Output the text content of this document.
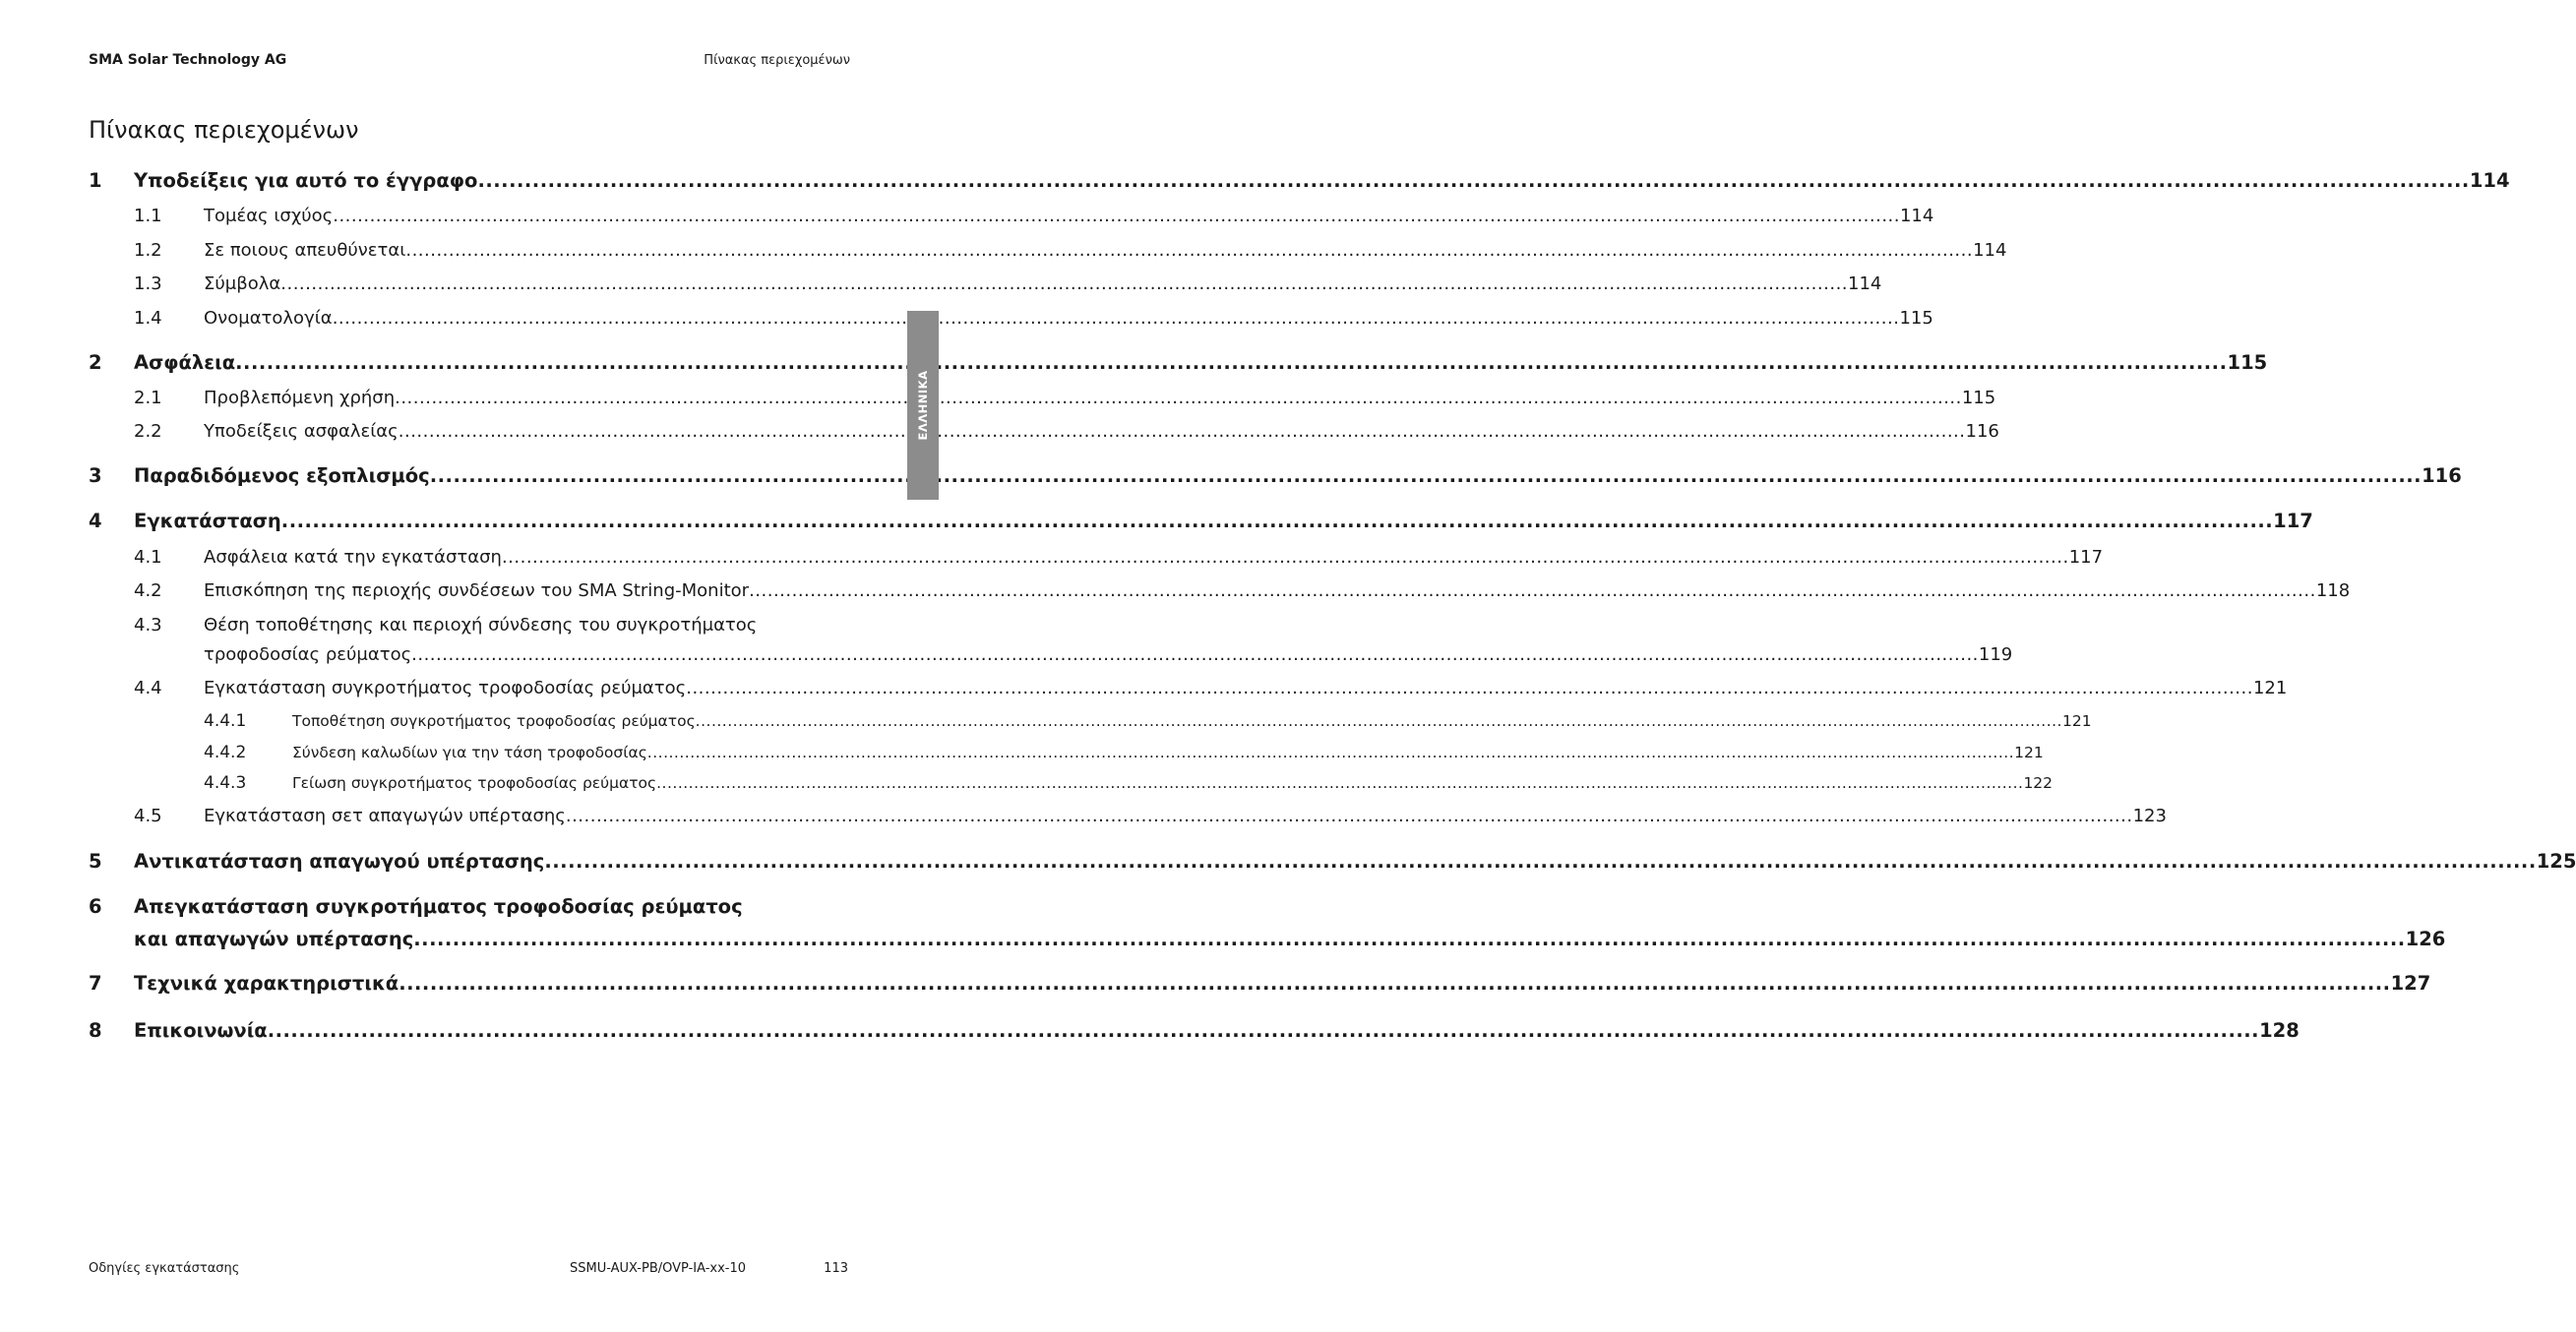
SMA Solar Technology AG	Πίνακας περιεχομένων
Πίνακας περιεχομένων
1	Υποδείξεις για αυτό το έγγραφο .....	114
1.1	Τομέας ισχύος .....	114
1.2	Σε ποιους απευθύνεται .....	114
1.3	Σύμβολα .....	114
1.4	Ονοματολογία .....	115
2	Ασφάλεια .....	115
2.1	Προβλεπόμενη χρήση .....	115
2.2	Υποδείξεις ασφαλείας .....	116
3	Παραδιδόμενος εξοπλισμός .....	116
4	Εγκατάσταση .....	117
4.1	Ασφάλεια κατά την εγκατάσταση .....	117
4.2	Επισκόπηση της περιοχής συνδέσεων του SMA String-Monitor .....	118
4.3	Θέση τοποθέτησης και περιοχή σύνδεσης του συγκροτήματος
τροφοδοσίας ρεύματος .....	119
4.4	Εγκατάσταση συγκροτήματος τροφοδοσίας ρεύματος .....	121
4.4.1	Τοποθέτηση συγκροτήματος τροφοδοσίας ρεύματος .....	121
4.4.2	Σύνδεση καλωδίων για την τάση τροφοδοσίας .....	121
4.4.3	Γείωση συγκροτήματος τροφοδοσίας ρεύματος .....	122
4.5	Εγκατάσταση σετ απαγωγών υπέρτασης .....	123
5	Αντικατάσταση απαγωγού υπέρτασης .....	125
6	Απεγκατάσταση συγκροτήματος τροφοδοσίας ρεύματος
και απαγωγών υπέρτασης .....	126
7	Τεχνικά χαρακτηριστικά .....	127
8	Επικοινωνία .....	128
ΕΛΛΗΝΙΚΑ
Οδηγίες εγκατάστασης	SSMU-AUX-PB/OVP-IA-xx-10	113
